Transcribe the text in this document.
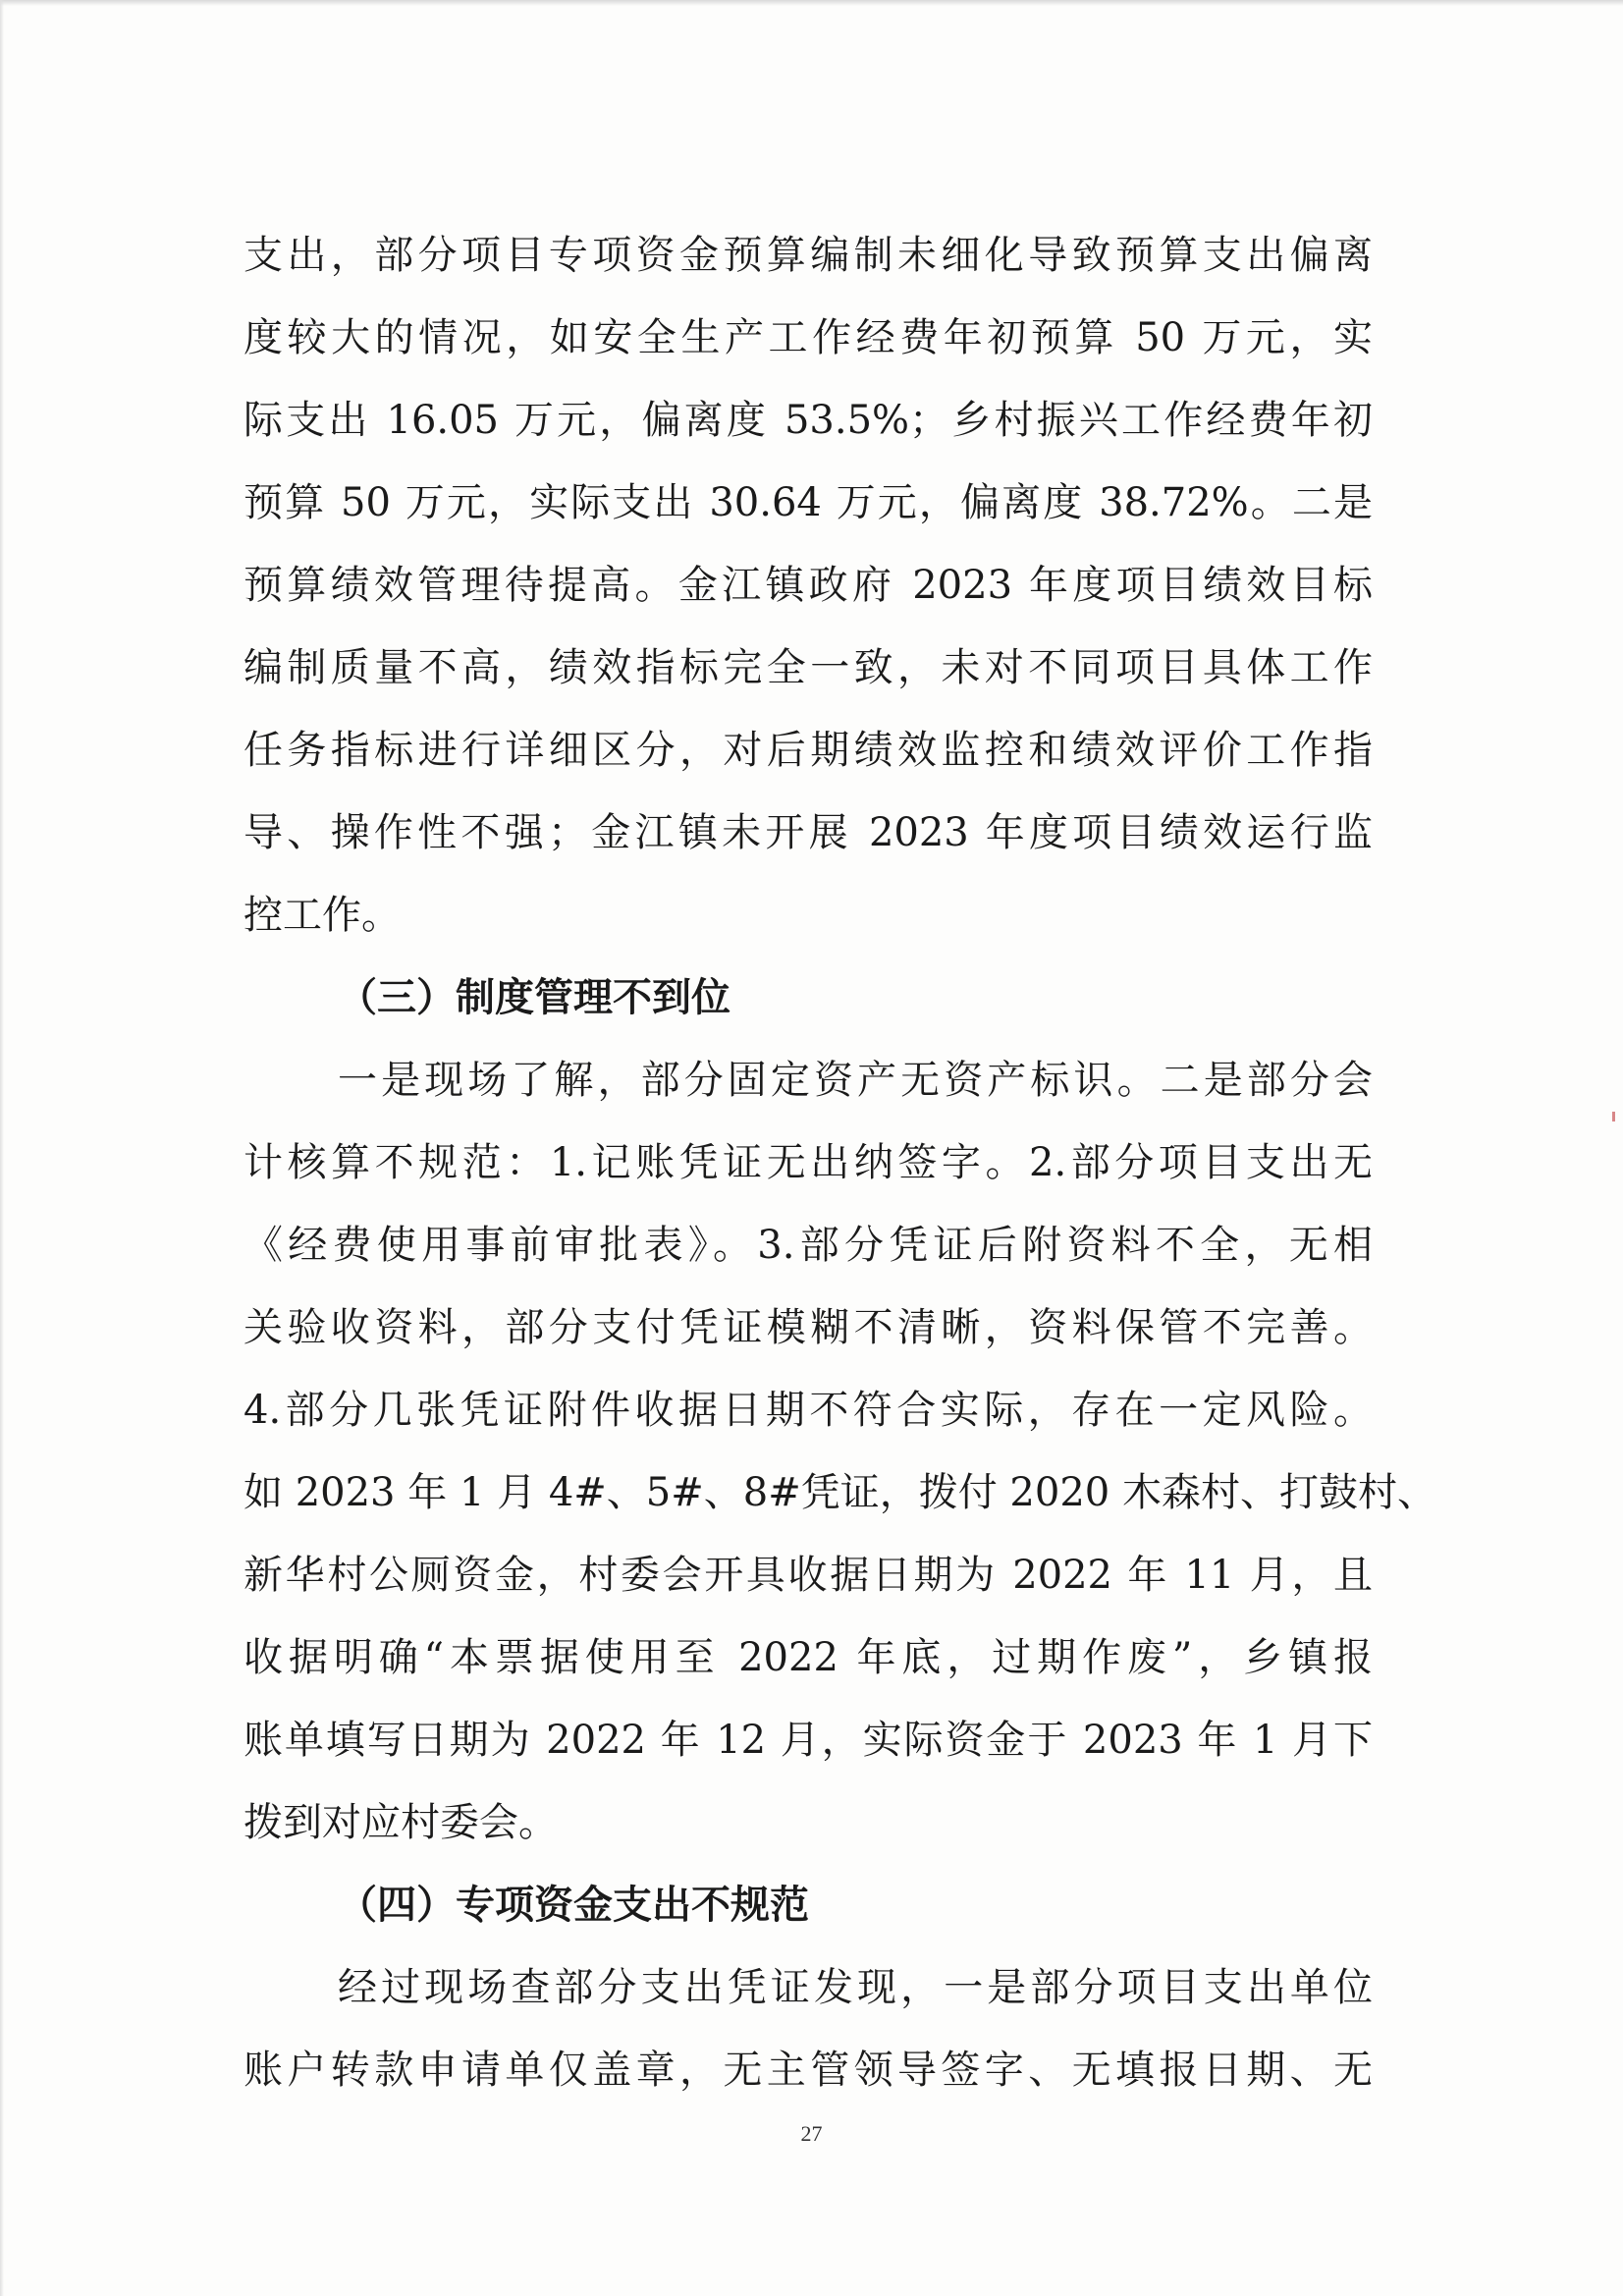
支出，部分项目专项资金预算编制未细化导致预算支出偏离
度较大的情况，如安全生产工作经费年初预算 50 万元，实
际支出 16.05 万元，偏离度 53.5%；乡村振兴工作经费年初
预算 50 万元，实际支出 30.64 万元，偏离度 38.72%。二是
预算绩效管理待提高。金江镇政府 2023 年度项目绩效目标
编制质量不高，绩效指标完全一致，未对不同项目具体工作
任务指标进行详细区分，对后期绩效监控和绩效评价工作指
导、操作性不强；金江镇未开展 2023 年度项目绩效运行监
控工作。
（三）制度管理不到位
一是现场了解，部分固定资产无资产标识。二是部分会
计核算不规范：1.记账凭证无出纳签字。2.部分项目支出无
《经费使用事前审批表》。3.部分凭证后附资料不全，无相
关验收资料，部分支付凭证模糊不清晰，资料保管不完善。
4.部分几张凭证附件收据日期不符合实际，存在一定风险。
如 2023 年 1 月 4#、5#、8#凭证，拨付 2020 木森村、打鼓村、
新华村公厕资金，村委会开具收据日期为 2022 年 11 月，且
收据明确“本票据使用至 2022 年底，过期作废”，乡镇报
账单填写日期为 2022 年 12 月，实际资金于 2023 年 1 月下
拨到对应村委会。
（四）专项资金支出不规范
经过现场查部分支出凭证发现，一是部分项目支出单位
账户转款申请单仅盖章，无主管领导签字、无填报日期、无
27
